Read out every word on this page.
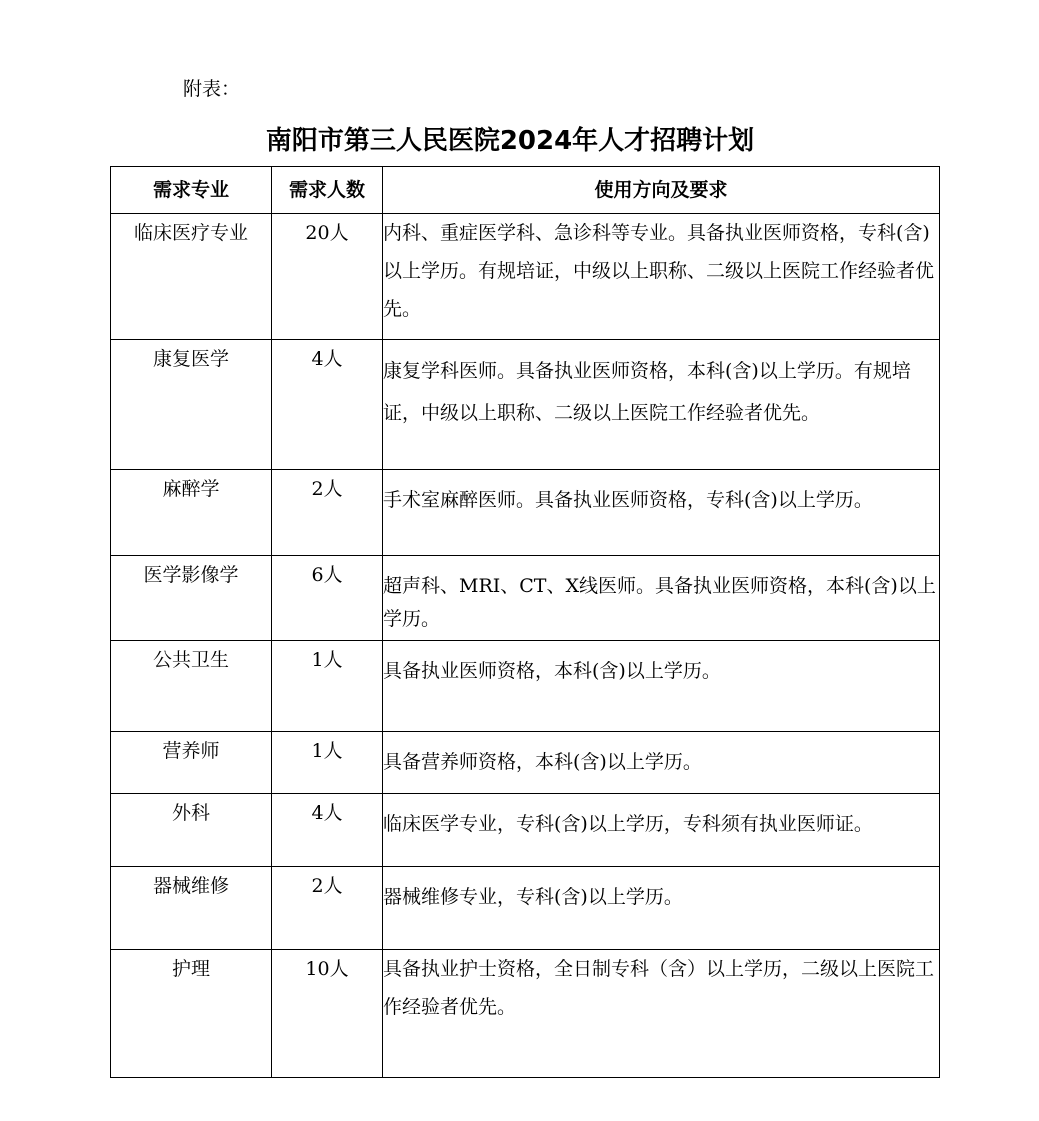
附表：
南阳市第三人民医院2024年人才招聘计划
需求专业	需求人数	使用方向及要求
临床医疗专业	20人	内科、重症医学科、急诊科等专业。具备执业医师资格，专科(含)以上学历。有规培证，中级以上职称、二级以上医院工作经验者优先。
康复医学	4人	康复学科医师。具备执业医师资格，本科(含)以上学历。有规培证，中级以上职称、二级以上医院工作经验者优先。
麻醉学	2人	手术室麻醉医师。具备执业医师资格，专科(含)以上学历。
医学影像学	6人	超声科、MRI、CT、X线医师。具备执业医师资格，本科(含)以上学历。
公共卫生	1人	具备执业医师资格，本科(含)以上学历。
营养师	1人	具备营养师资格，本科(含)以上学历。
外科	4人	临床医学专业，专科(含)以上学历，专科须有执业医师证。
器械维修	2人	器械维修专业，专科(含)以上学历。
护理	10人	具备执业护士资格，全日制专科（含）以上学历，二级以上医院工作经验者优先。
